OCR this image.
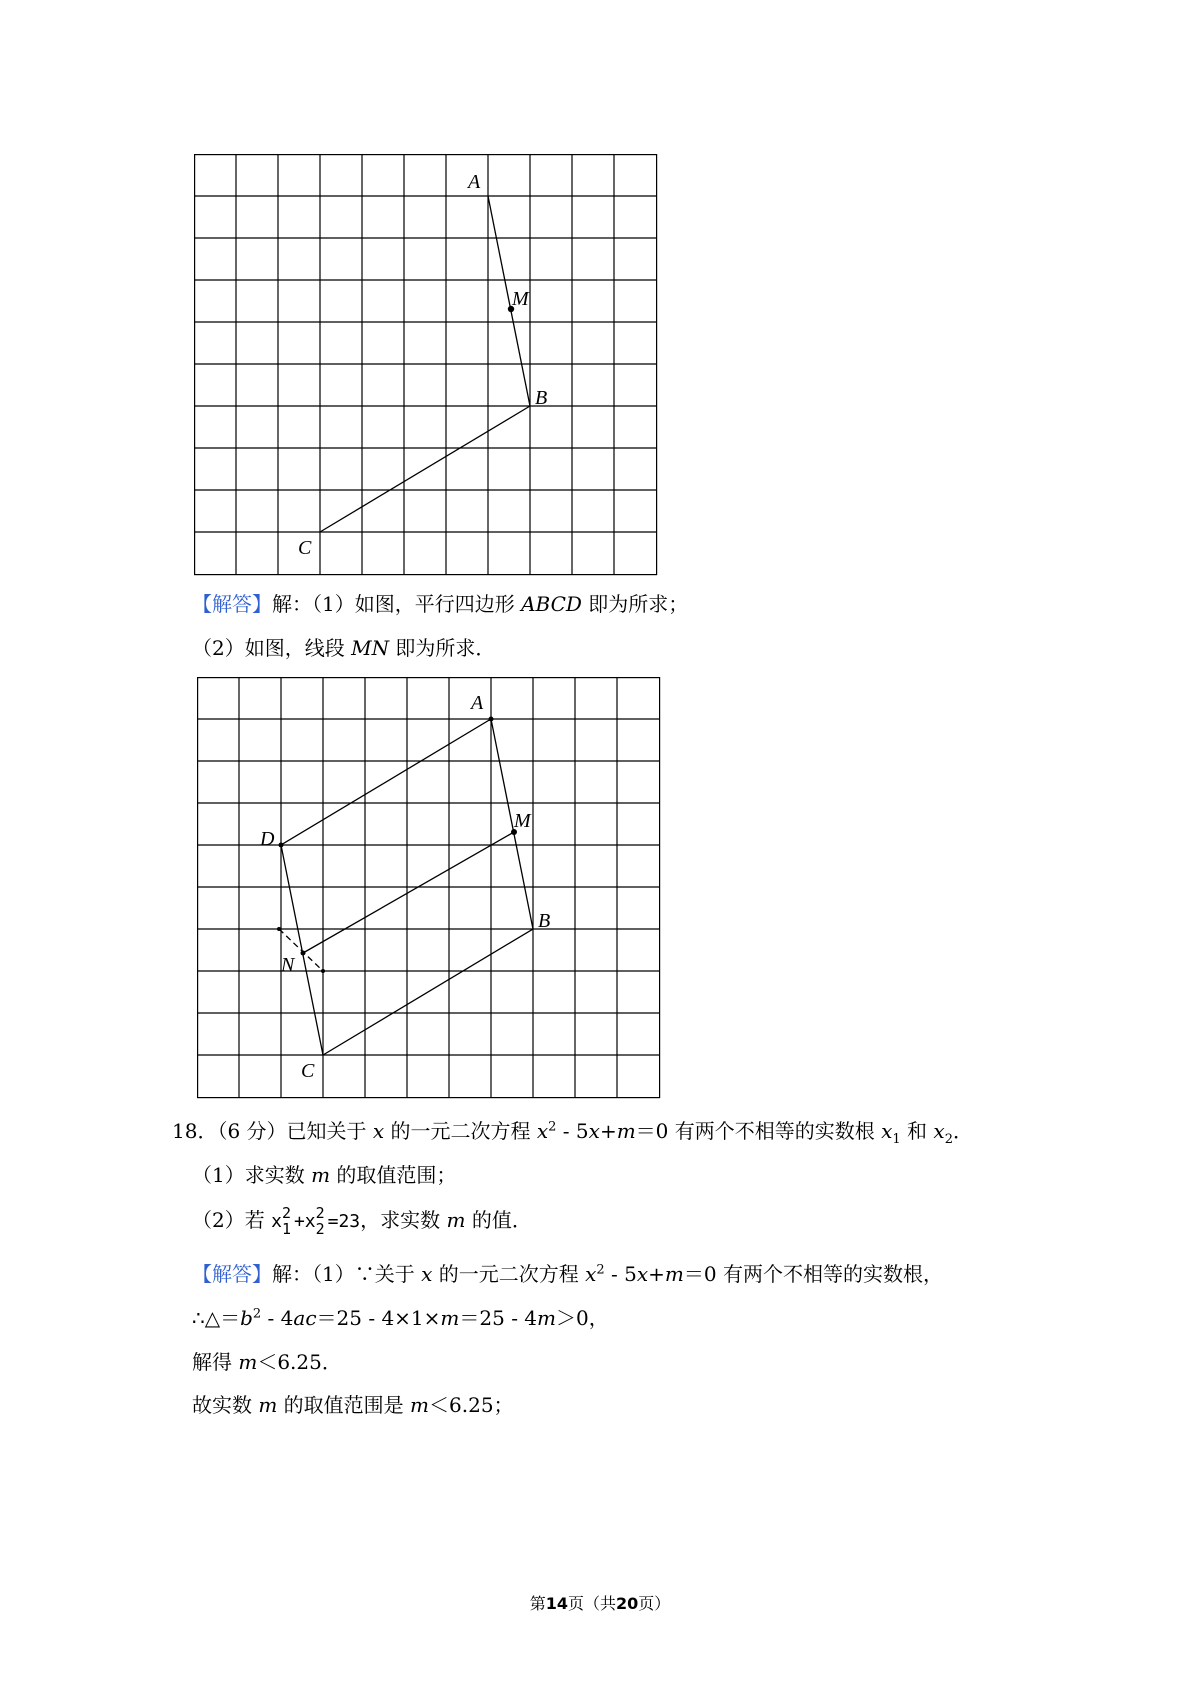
A
M
B
C
【解答】解：（1）如图，平行四边形 ABCD 即为所求；
（2）如图，线段 MN 即为所求．
A
M
D
B
N
C
18．（6 分）已知关于 x 的一元二次方程 $x^2 - 5x+m=0$ 有两个不相等的实数根 $x_1$ 和 $x_2$．
（1）求实数 m 的取值范围；
（2）若 x 2
1 +x 2
2 =23，求实数 m 的值．
【解答】解：（1）∵关于 x 的一元二次方程 $x^2 - 5x+m=0$ 有两个不相等的实数根，
$\therefore\triangle=b^2 - 4ac=25 - 4\times 1\times m=25 - 4m>0$，
解得 m＜6.25．
故实数 m 的取值范围是 m＜6.25；
第14页（共20页）
